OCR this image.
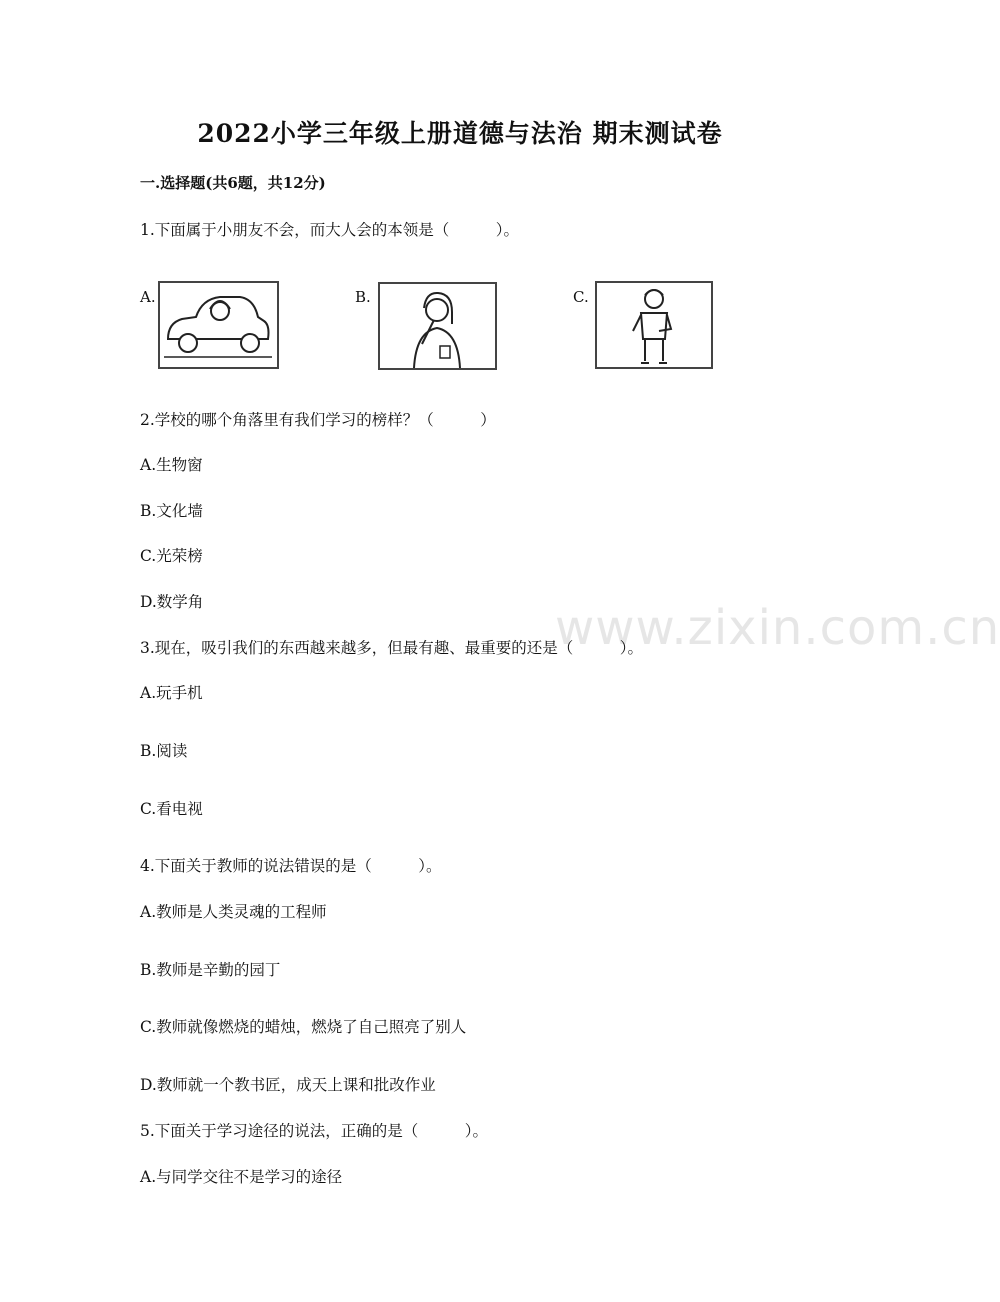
www.zixin.com.cn
2022小学三年级上册道德与法治 期末测试卷
一.选择题(共6题，共12分)
1.下面属于小朋友不会，而大人会的本领是（　　　）。
A.	B.	C.
2.学校的哪个角落里有我们学习的榜样？（　　　）
A.生物窗
B.文化墙
C.光荣榜
D.数学角
3.现在，吸引我们的东西越来越多，但最有趣、最重要的还是（　　　）。
A.玩手机
B.阅读
C.看电视
4.下面关于教师的说法错误的是（　　　）。
A.教师是人类灵魂的工程师
B.教师是辛勤的园丁
C.教师就像燃烧的蜡烛，燃烧了自己照亮了别人
D.教师就一个教书匠，成天上课和批改作业
5.下面关于学习途径的说法，正确的是（　　　）。
A.与同学交往不是学习的途径
